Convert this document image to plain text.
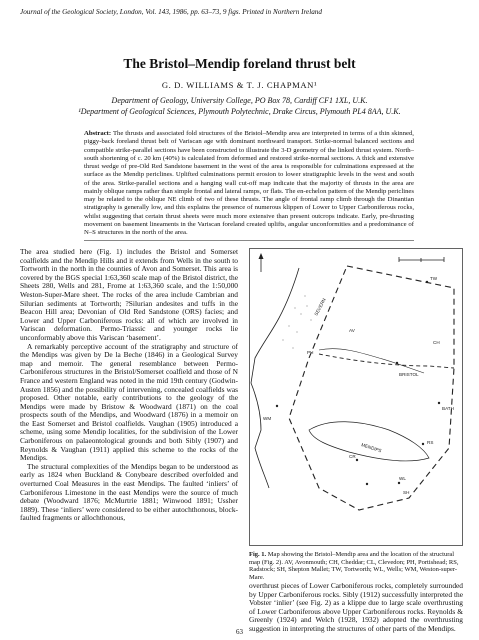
Journal of the Geological Society, London, Vol. 143, 1986, pp. 63–73, 9 figs. Printed in Northern Ireland
The Bristol–Mendip foreland thrust belt
G. D. WILLIAMS & T. J. CHAPMAN¹
Department of Geology, University College, PO Box 78, Cardiff CF1 1XL, U.K.
¹Department of Geological Sciences, Plymouth Polytechnic, Drake Circus, Plymouth PL4 8AA, U.K.
Abstract: The thrusts and associated fold structures of the Bristol–Mendip area are interpreted in terms of a thin skinned, piggy-back foreland thrust belt of Variscan age with dominant northward transport. Strike-normal balanced sections and compatible strike-parallel sections have been constructed to illustrate the 3-D geometry of the linked thrust system. North–south shortening of c. 20 km (40%) is calculated from deformed and restored strike-normal sections. A thick and extensive thrust wedge of pre-Old Red Sandstone basement in the west of the area is responsible for culminations expressed at the surface as the Mendip periclines. Uplifted culminations permit erosion to lower stratigraphic levels in the west and south of the area. Strike-parallel sections and a hanging wall cut-off map indicate that the majority of thrusts in the area are mainly oblique ramps rather than simple frontal and lateral ramps, or flats. The en-echelon pattern of the Mendip periclines may be related to the oblique NE climb of two of these thrusts. The angle of frontal ramp climb through the Dinantian stratigraphy is generally low, and this explains the presence of numerous klippen of Lower to Upper Carboniferous rocks, whilst suggesting that certain thrust sheets were much more extensive than present outcrops indicate. Early, pre-thrusting movement on basement lineaments in the Variscan foreland created uplifts, angular unconformities and a predominance of N–S structures in the north of the area.

The area studied here (Fig. 1) includes the Bristol and Somerset coalfields and the Mendip Hills and it extends from Wells in the south to Tortworth in the north in the counties of Avon and Somerset. This area is covered by the BGS special 1:63,360 scale map of the Bristol district, the Sheets 280, Wells and 281, Frome at 1:63,360 scale, and the 1:50,000 Weston-Super-Mare sheet. The rocks of the area include Cambrian and Silurian sediments at Tortworth; ?Silurian andesites and tuffs in the Beacon Hill area; Devonian of Old Red Sandstone (ORS) facies; and Lower and Upper Carboniferous rocks: all of which are involved in Variscan deformation. Permo-Triassic and younger rocks lie unconformably above this Variscan ‘basement’.

A remarkably perceptive account of the stratigraphy and structure of the Mendips was given by De la Beche (1846) in a Geological Survey map and memoir. The general resemblance between Permo-Carboniferous structures in the Bristol/Somerset coalfield and those of N France and western England was noted in the mid 19th century (Godwin-Austen 1856) and the possibility of intervening, concealed coalfields was proposed. Other notable, early contributions to the geology of the Mendips were made by Bristow & Woodward (1871) on the coal prospects south of the Mendips, and Woodward (1876) in a memoir on the East Somerset and Bristol coalfields. Vaughan (1905) introduced a scheme, using some Mendip localities, for the subdivision of the Lower Carboniferous on palaeontological grounds and both Sibly (1907) and Reynolds & Vaughan (1911) applied this scheme to the rocks of the Mendips.

The structural complexities of the Mendips began to be understood as early as 1824 when Buckland & Conybeare described overfolded and overturned Coal Measures in the east Mendips. The faulted ‘inliers’ of Carboniferous Limestone in the east Mendips were the source of much debate (Woodward 1876; McMurtrie 1881; Winwood 1891; Ussher 1889). These ‘inliers’ were considered to be either autochthonous, block-faulted fragments or allochthonous,

TW
BRISTOL
CH
PH
AV
BATH
WM
RS
CR
MENDIPS
WL
SH
SEVERN
Fig. 1. Map showing the Bristol–Mendip area and the location of the structural map (Fig. 2). AV, Avonmouth; CH, Cheddar; CL, Clevedon; PH, Portishead; RS, Radstock; SH, Shepton Mallet; TW, Tortworth; WL, Wells; WM, Weston-super-Mare.
overthrust pieces of Lower Carboniferous rocks, completely surrounded by Upper Carboniferous rocks. Sibly (1912) successfully interpreted the Vobster ‘inlier’ (see Fig. 2) as a klippe due to large scale overthrusting of Lower Carboniferous above Upper Carboniferous rocks. Reynolds & Greenly (1924) and Welch (1928, 1932) adopted the overthrusting suggestion in interpreting the structures of other parts of the Mendips.
63
